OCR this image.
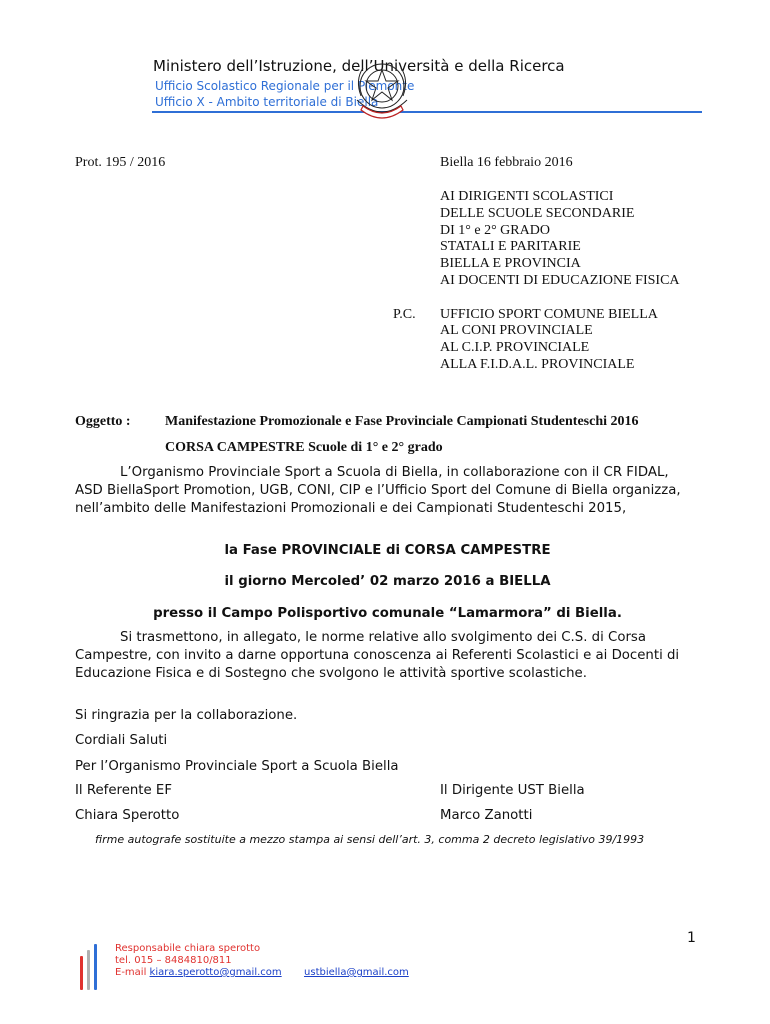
Ministero dell’Istruzione, dell’Università e della Ricerca
Ufficio Scolastico Regionale per il Piemonte
Ufficio X - Ambito territoriale di Biella
Prot. 195 / 2016	Biella 16 febbraio 2016
AI DIRIGENTI SCOLASTICI
DELLE SCUOLE SECONDARIE
DI 1° e 2° GRADO
STATALI E PARITARIE
BIELLA E PROVINCIA
AI DOCENTI DI EDUCAZIONE FISICA
P.C. UFFICIO SPORT COMUNE BIELLA
AL CONI PROVINCIALE
AL C.I.P. PROVINCIALE
ALLA F.I.D.A.L. PROVINCIALE
Oggetto : Manifestazione Promozionale e Fase Provinciale Campionati Studenteschi 2016
CORSA CAMPESTRE Scuole di 1° e 2° grado
L’Organismo Provinciale Sport a Scuola di Biella, in collaborazione con il CR FIDAL, ASD BiellaSport Promotion, UGB, CONI, CIP e l’Ufficio Sport del Comune di Biella organizza, nell’ambito delle Manifestazioni Promozionali e dei Campionati Studenteschi 2015,
la Fase PROVINCIALE di CORSA CAMPESTRE
il giorno Mercoled’ 02 marzo 2016 a BIELLA
presso il Campo Polisportivo comunale “Lamarmora” di Biella.
Si trasmettono, in allegato, le norme relative allo svolgimento dei C.S. di Corsa Campestre, con invito a darne opportuna conoscenza ai Referenti Scolastici e ai Docenti di Educazione Fisica e di Sostegno che svolgono le attività sportive scolastiche.
Si ringrazia per la collaborazione.
Cordiali Saluti
Per l’Organismo Provinciale Sport a Scuola Biella
Il Referente EF	Il Dirigente UST Biella
Chiara Sperotto	Marco Zanotti
firme autografe sostituite a mezzo stampa ai sensi dell’art. 3, comma 2 decreto legislativo 39/1993
1
Responsabile chiara sperotto
tel. 015 – 8484810/811
E-mail kiara.sperotto@gmail.com ustbiella@gmail.com
